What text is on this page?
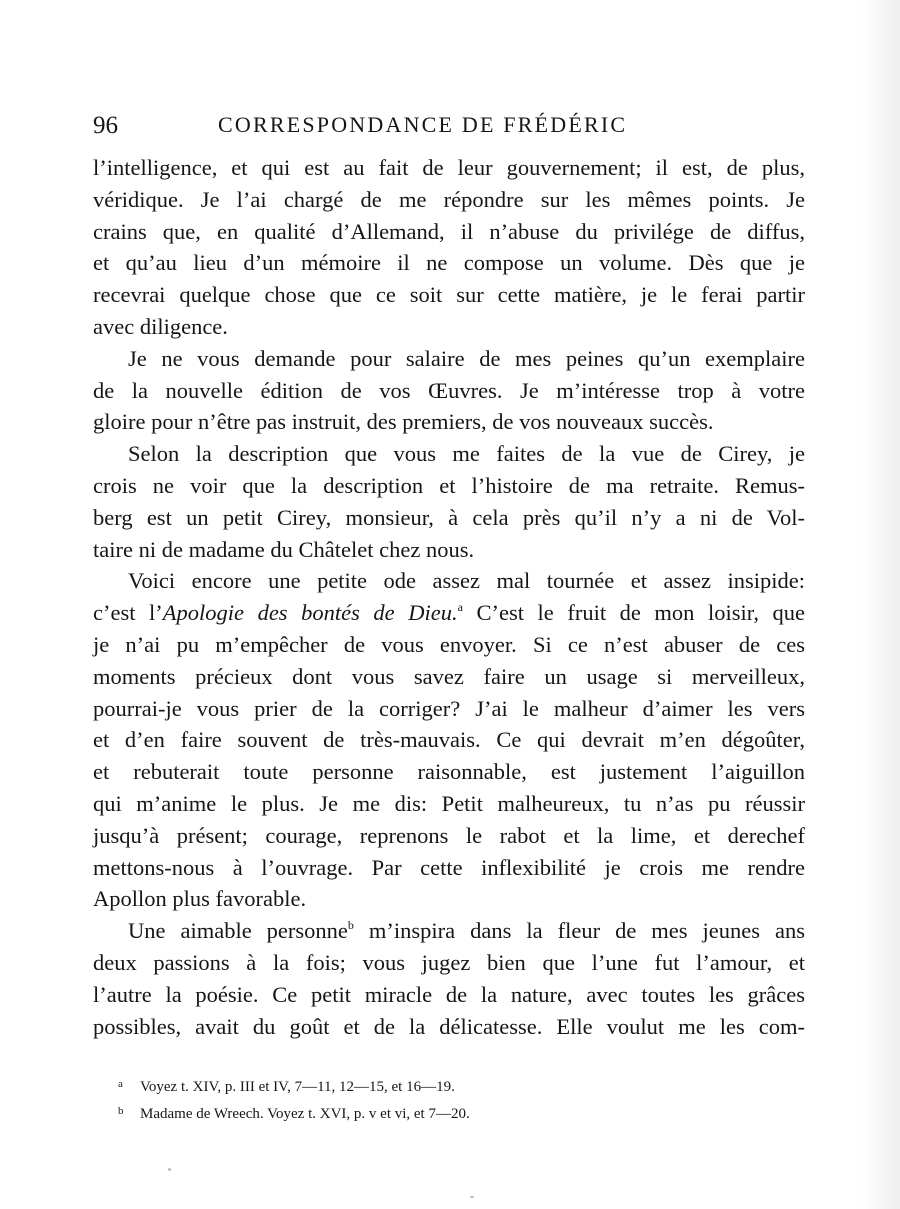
96	CORRESPONDANCE DE FRÉDÉRIC

l’intelligence, et qui est au fait de leur gouvernement; il est, de plus,
véridique. Je l’ai chargé de me répondre sur les mêmes points. Je
crains que, en qualité d’Allemand, il n’abuse du privilége de diffus,
et qu’au lieu d’un mémoire il ne compose un volume. Dès que je
recevrai quelque chose que ce soit sur cette matière, je le ferai partir
avec diligence.

Je ne vous demande pour salaire de mes peines qu’un exemplaire
de la nouvelle édition de vos Œuvres. Je m’intéresse trop à votre
gloire pour n’être pas instruit, des premiers, de vos nouveaux succès.

Selon la description que vous me faites de la vue de Cirey, je
crois ne voir que la description et l’histoire de ma retraite. Remus-
berg est un petit Cirey, monsieur, à cela près qu’il n’y a ni de Vol-
taire ni de madame du Châtelet chez nous.

Voici encore une petite ode assez mal tournée et assez insipide:
c’est l’Apologie des bontés de Dieu.$^a$ C’est le fruit de mon loisir, que
je n’ai pu m’empêcher de vous envoyer. Si ce n’est abuser de ces
moments précieux dont vous savez faire un usage si merveilleux,
pourrai-je vous prier de la corriger? J’ai le malheur d’aimer les vers
et d’en faire souvent de très-mauvais. Ce qui devrait m’en dégoûter,
et rebuterait toute personne raisonnable, est justement l’aiguillon
qui m’anime le plus. Je me dis: Petit malheureux, tu n’as pu réussir
jusqu’à présent; courage, reprenons le rabot et la lime, et derechef
mettons-nous à l’ouvrage. Par cette inflexibilité je crois me rendre
Apollon plus favorable.

Une aimable personne$^b$ m’inspira dans la fleur de mes jeunes ans
deux passions à la fois; vous jugez bien que l’une fut l’amour, et
l’autre la poésie. Ce petit miracle de la nature, avec toutes les grâces
possibles, avait du goût et de la délicatesse. Elle voulut me les com-

a Voyez t. XIV, p. III et IV, 7—11, 12—15, et 16—19.
b Madame de Wreech. Voyez t. XVI, p. v et vi, et 7—20.
